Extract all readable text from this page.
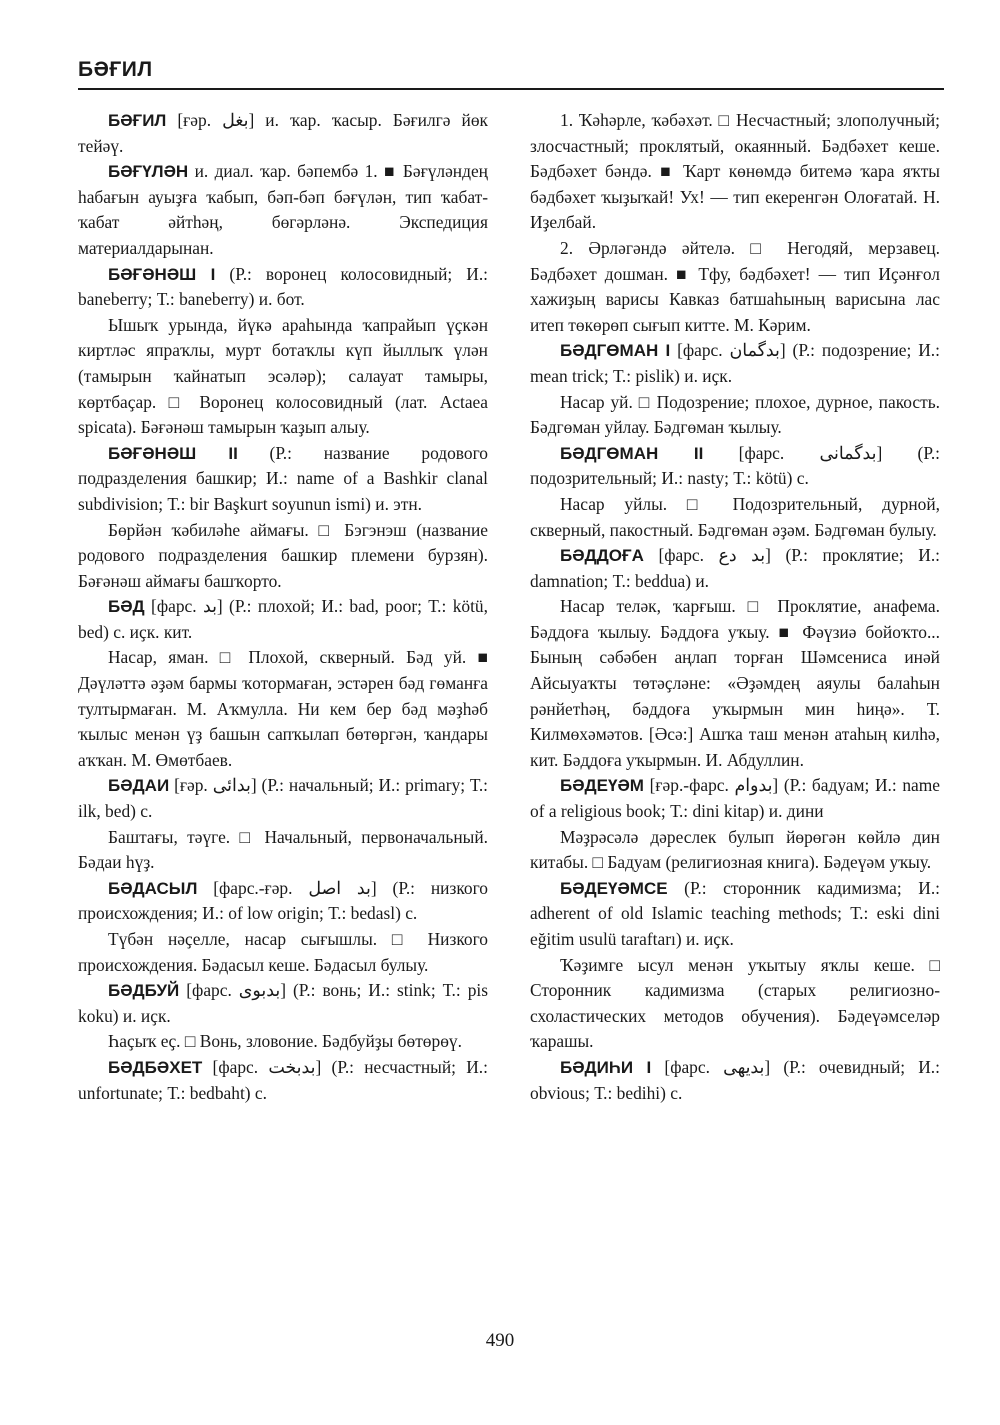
БӘҒИЛ

БӘҒИЛ [ғәр. بغل] и. ҡар. ҡасыр. Бәғилгә йөк тейәү.

БӘҒҮЛӘН и. диал. ҡар. бәпембә 1. ■ Бәғүләндең һабағын ауыҙға ҡабып, бәп-бәп бәғүлән, тип ҡабат-ҡабат әйтһәң, бөгәрләнә. Экспедиция материалдарынан.

БӘҒӘНӘШ I (Р.: воронец колосовидный; И.: baneberry; Т.: baneberry) и. бот.

Ышыҡ урында, йүкә араһында ҡапрайып үҫкән киртләс япраҡлы, мурт ботаҡлы күп йыллыҡ үлән (тамырын ҡайнатып эсәләр); салауат тамыры, көртбаҫар. □ Воронец колосовидный (лат. Actaea spicata). Бәғәнәш тамырын ҡаҙып алыу.

БӘҒӘНӘШ II (Р.: название родового подразделения башкир; И.: name of a Bashkir clanal subdivision; Т.: bir Başkurt soyunun ismi) и. этн.

Бөрйән ҡәбиләһе аймағы. □ Бэгэнэш (название родового подразделения башкир племени бурзян). Бәғәнәш аймағы башҡорто.

БӘД [фарс. بد] (Р.: плохой; И.: bad, poor; Т.: kötü, bed) с. иҫк. кит.

Насар, яман. □ Плохой, скверный. Бәд уй. ■ Дәүләттә әҙәм бармы ҡотормаған, эстәрен бәд гөманға тултырмаған. М. Аҡмулла. Ни кем бер бәд мәҙһәб ҡылыс менән үҙ башын сапҡылап бөтөргән, ҡандары аҡҡан. М. Өмөтбаев.

БӘДАИ [ғәр. بدائی] (Р.: начальный; И.: primary; Т.: ilk, bed) с.

Баштағы, тәүге. □ Начальный, первоначальный. Бәдаи һүҙ.

БӘДАСЫЛ [фарс.-ғәр. بد اصل] (Р.: низкого происхождения; И.: of low origin; Т.: bedasl) с.

Түбән нәҫелле, насар сығышлы. □ Низкого происхождения. Бәдасыл кеше. Бәдасыл булыу.

БӘДБУЙ [фарс. بدبوی] (Р.: вонь; И.: stink; Т.: pis koku) и. иҫк.

Һаҫыҡ еҫ. □ Вонь, зловоние. Бәдбуйҙы бөтөрөү.

БӘДБӘХЕТ [фарс. بدبخت] (Р.: несчастный; И.: unfortunate; Т.: bedbaht) с.

1. Ҡәһәрле, ҡәбәхәт. □ Несчастный; злополучный; злосчастный; проклятый, окаянный. Бәдбәхет кеше. Бәдбәхет бәндә. ■ Ҡарт көнөмдә битемә ҡара яҡты бәдбәхет ҡыҙыҡай! Ух! — тип екеренгән Олоғатай. Н. Иҙелбай.

2. Әрләгәндә әйтелә. □ Негодяй, мерзавец. Бәдбәхет дошман. ■ Тфу, бәдбәхет! — тип Иҫәнғол хажиҙың варисы Кавказ батшаһының варисына лас итеп төкөрөп сығып китте. М. Кәрим.

БӘДГӨМАН I [фарс. بدگمان] (Р.: подозрение; И.: mean trick; Т.: pislik) и. иҫк.

Насар уй. □ Подозрение; плохое, дурное, пакость. Бәдгөман уйлау. Бәдгөман ҡылыу.

БӘДГӨМАН II [фарс. بدگمانی] (Р.: подозрительный; И.: nasty; Т.: kötü) с.

Насар уйлы. □ Подозрительный, дурной, скверный, пакостный. Бәдгөман әҙәм. Бәдгөман булыу.

БӘДДОҒА [фарс. بد دع] (Р.: проклятие; И.: damnation; Т.: beddua) и.

Насар теләк, ҡарғыш. □ Проклятие, анафема. Бәддоға ҡылыу. Бәддоға уҡыу. ■ Фәүзиә бойоҡто... Бының сәбәбен аңлап торған Шәмсениса инәй Айсыуаҡты төтәҫләне: «Әҙәмдең аяулы балаһын рәнйетһәң, бәддоға уҡырмын мин һиңә». Т. Килмөхәмәтов. [Әсә:] Ашҡа таш менән атаһың килһә, кит. Бәддоға уҡырмын. И. Абдуллин.

БӘДЕҮӘМ [ғәр.-фарс. بدوام] (Р.: бадуам; И.: name of a religious book; Т.: dini kitap) и. дини

Мәҙрәсәлә дәреслек булып йөрөгән көйлә дин китабы. □ Бадуам (религиозная книга). Бәдеүәм уҡыу.

БӘДЕҮӘМСЕ (Р.: сторонник кадимизма; И.: adherent of old Islamic teaching methods; Т.: eski dini eğitim usulü taraftarı) и. иҫк.

Ҡәҙимге ысул менән уҡытыу яҡлы кеше. □ Сторонник кадимизма (старых религиозно-схоластических методов обучения). Бәдеүәмселәр ҡарашы.

БӘДИҺИ I [фарс. بدیهی] (Р.: очевидный; И.: obvious; Т.: bedihi) с.

490
